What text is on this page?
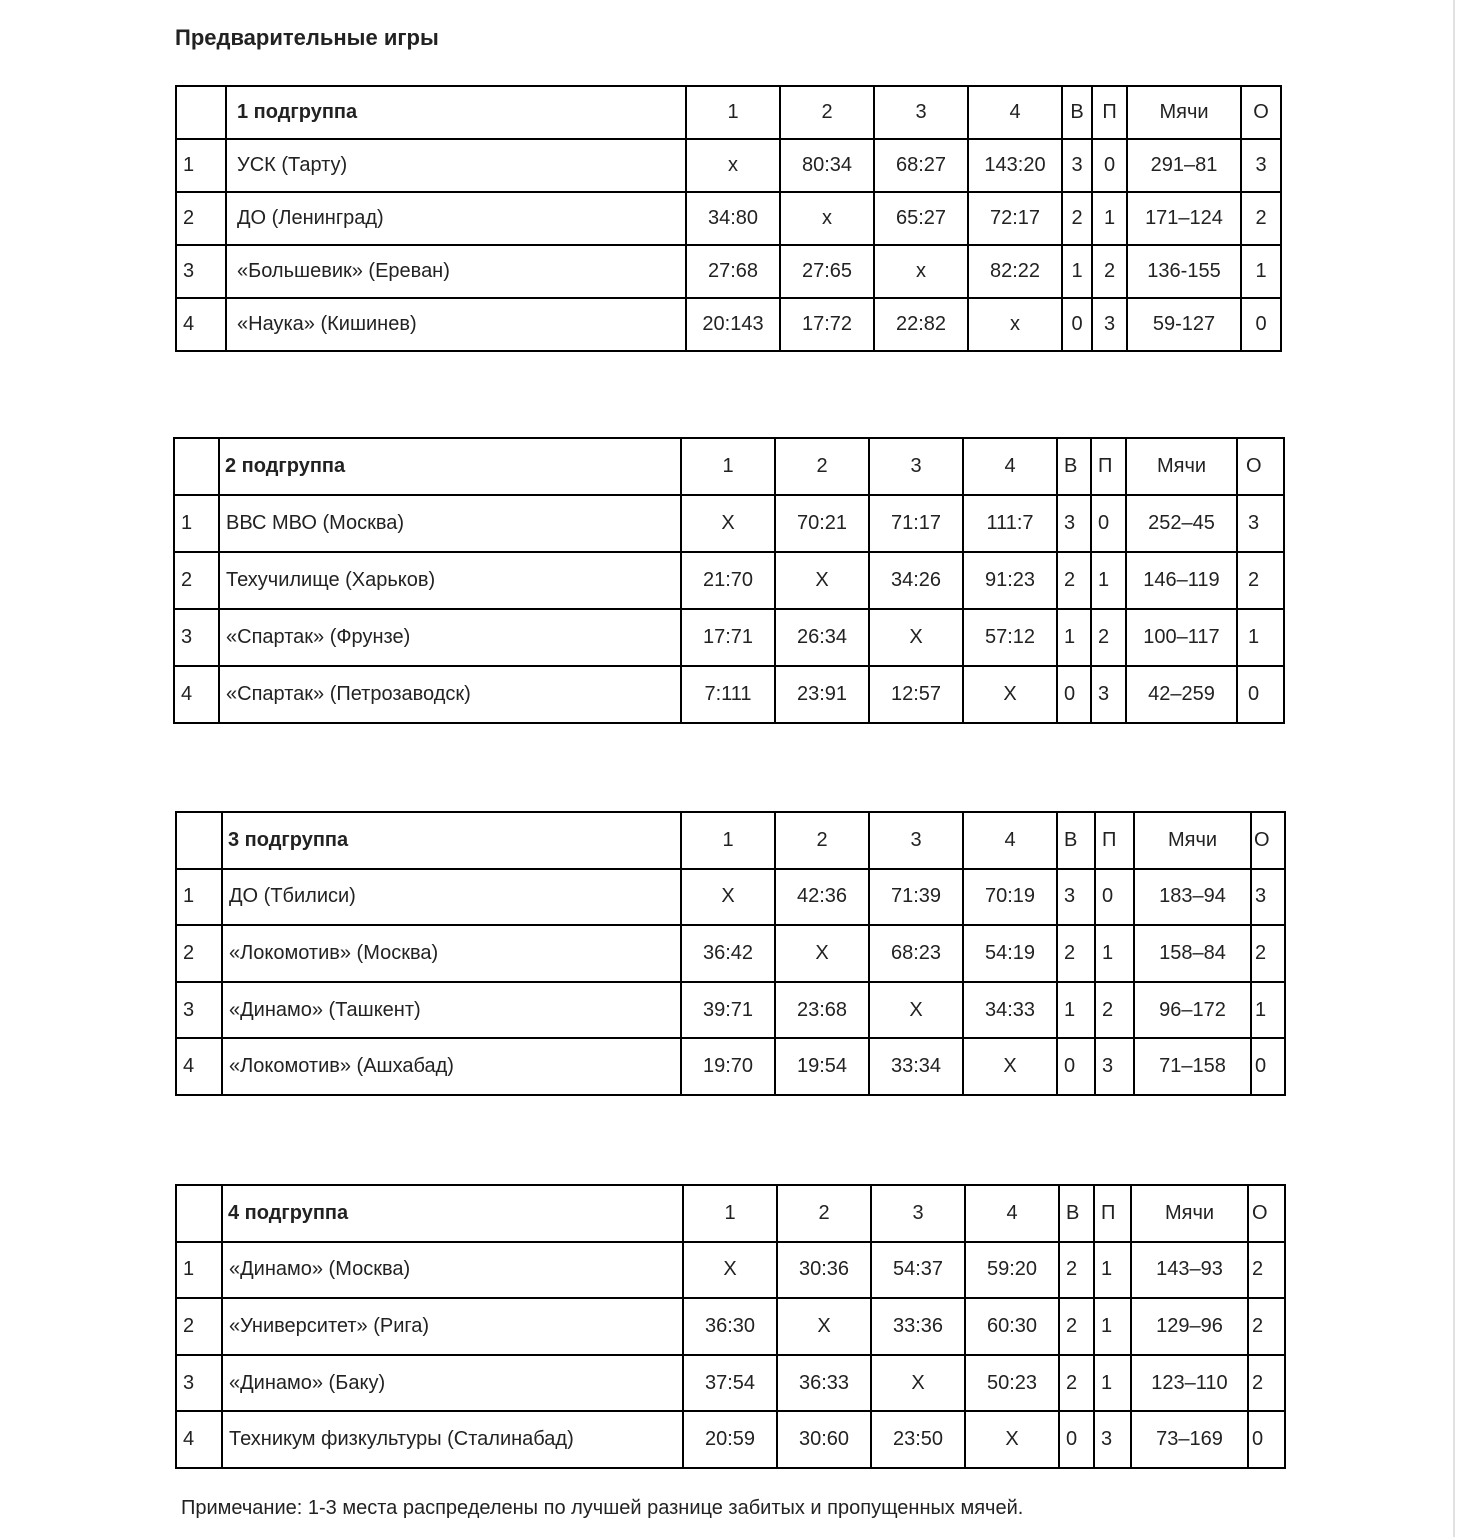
Предварительные игры
	1 подгруппа	1	2	3	4	В	П	Мячи	О
1	УСК (Тарту)	x	80:34	68:27	143:20	3	0	291–81	3
2	ДО (Ленинград)	34:80	x	65:27	72:17	2	1	171–124	2
3	«Большевик» (Ереван)	27:68	27:65	x	82:22	1	2	136-155	1
4	«Наука» (Кишинев)	20:143	17:72	22:82	x	0	3	59-127	0
	2 подгруппа	1	2	3	4	В	П	Мячи	О
1	ВВС МВО (Москва)	X	70:21	71:17	111:7	3	0	252–45	3
2	Техучилище (Харьков)	21:70	X	34:26	91:23	2	1	146–119	2
3	«Спартак» (Фрунзе)	17:71	26:34	X	57:12	1	2	100–117	1
4	«Спартак» (Петрозаводск)	7:111	23:91	12:57	X	0	3	42–259	0
	3 подгруппа	1	2	3	4	В	П	Мячи	О
1	ДО (Тбилиси)	X	42:36	71:39	70:19	3	0	183–94	3
2	«Локомотив» (Москва)	36:42	X	68:23	54:19	2	1	158–84	2
3	«Динамо» (Ташкент)	39:71	23:68	X	34:33	1	2	96–172	1
4	«Локомотив» (Ашхабад)	19:70	19:54	33:34	X	0	3	71–158	0
	4 подгруппа	1	2	3	4	В	П	Мячи	О
1	«Динамо» (Москва)	X	30:36	54:37	59:20	2	1	143–93	2
2	«Университет» (Рига)	36:30	X	33:36	60:30	2	1	129–96	2
3	«Динамо» (Баку)	37:54	36:33	X	50:23	2	1	123–110	2
4	Техникум физкультуры (Сталинабад)	20:59	30:60	23:50	X	0	3	73–169	0

Примечание: 1-3 места распределены по лучшей разнице забитых и пропущенных мячей.
